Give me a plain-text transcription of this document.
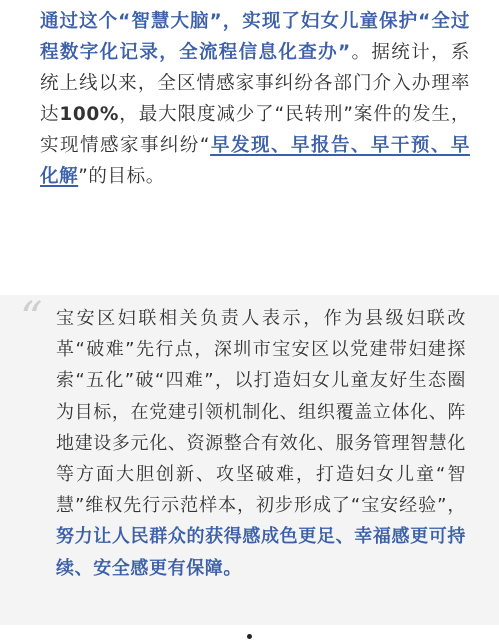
通过这个“智慧大脑”，实现了妇女儿童保护“全过程数字化记录，全流程信息化查办”。据统计，系统上线以来，全区情感家事纠纷各部门介入办理率达100%，最大限度减少了“民转刑”案件的发生，实现情感家事纠纷“早发现、早报告、早干预、早化解”的目标。

“ 宝安区妇联相关负责人表示，作为县级妇联改革“破难”先行点，深圳市宝安区以党建带妇建探索“五化”破“四难”，以打造妇女儿童友好生态圈为目标，在党建引领机制化、组织覆盖立体化、阵地建设多元化、资源整合有效化、服务管理智慧化等方面大胆创新、攻坚破难，打造妇女儿童“智慧”维权先行示范样本，初步形成了“宝安经验”，努力让人民群众的获得感成色更足、幸福感更可持续、安全感更有保障。
